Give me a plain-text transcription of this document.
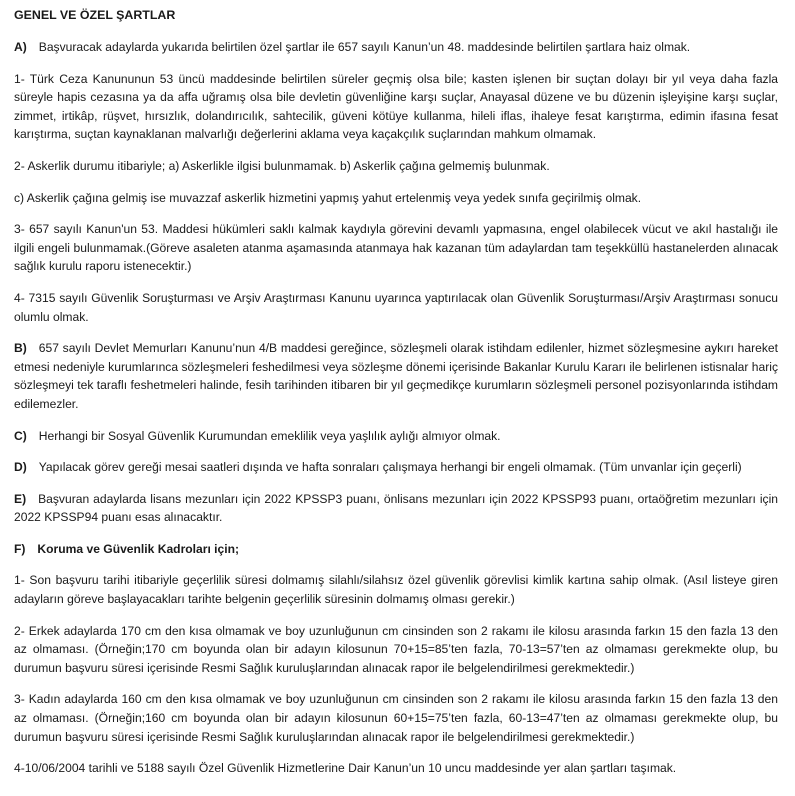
GENEL VE ÖZEL ŞARTLAR

A) Başvuracak adaylarda yukarıda belirtilen özel şartlar ile 657 sayılı Kanun’un 48. maddesinde belirtilen şartlara haiz olmak.

1- Türk Ceza Kanununun 53 üncü maddesinde belirtilen süreler geçmiş olsa bile; kasten işlenen bir suçtan dolayı bir yıl veya daha fazla süreyle hapis cezasına ya da affa uğramış olsa bile devletin güvenliğine karşı suçlar, Anayasal düzene ve bu düzenin işleyişine karşı suçlar, zimmet, irtikâp, rüşvet, hırsızlık, dolandırıcılık, sahtecilik, güveni kötüye kullanma, hileli iflas, ihaleye fesat karıştırma, edimin ifasına fesat karıştırma, suçtan kaynaklanan malvarlığı değerlerini aklama veya kaçakçılık suçlarından mahkum olmamak.

2- Askerlik durumu itibariyle; a) Askerlikle ilgisi bulunmamak. b) Askerlik çağına gelmemiş bulunmak.

c) Askerlik çağına gelmiş ise muvazzaf askerlik hizmetini yapmış yahut ertelenmiş veya yedek sınıfa geçirilmiş olmak.

3- 657 sayılı Kanun'un 53. Maddesi hükümleri saklı kalmak kaydıyla görevini devamlı yapmasına, engel olabilecek vücut ve akıl hastalığı ile ilgili engeli bulunmamak.(Göreve asaleten atanma aşamasında atanmaya hak kazanan tüm adaylardan tam teşekküllü hastanelerden alınacak sağlık kurulu raporu istenecektir.)

4- 7315 sayılı Güvenlik Soruşturması ve Arşiv Araştırması Kanunu uyarınca yaptırılacak olan Güvenlik Soruşturması/Arşiv Araştırması sonucu olumlu olmak.

B) 657 sayılı Devlet Memurları Kanunu’nun 4/B maddesi gereğince, sözleşmeli olarak istihdam edilenler, hizmet sözleşmesine aykırı hareket etmesi nedeniyle kurumlarınca sözleşmeleri feshedilmesi veya sözleşme dönemi içerisinde Bakanlar Kurulu Kararı ile belirlenen istisnalar hariç sözleşmeyi tek taraflı feshetmeleri halinde, fesih tarihinden itibaren bir yıl geçmedikçe kurumların sözleşmeli personel pozisyonlarında istihdam edilemezler.

C) Herhangi bir Sosyal Güvenlik Kurumundan emeklilik veya yaşlılık aylığı almıyor olmak.

D) Yapılacak görev gereği mesai saatleri dışında ve hafta sonraları çalışmaya herhangi bir engeli olmamak. (Tüm unvanlar için geçerli)

E) Başvuran adaylarda lisans mezunları için 2022 KPSSP3 puanı, önlisans mezunları için 2022 KPSSP93 puanı, ortaöğretim mezunları için 2022 KPSSP94 puanı esas alınacaktır.

F) Koruma ve Güvenlik Kadroları için;

1- Son başvuru tarihi itibariyle geçerlilik süresi dolmamış silahlı/silahsız özel güvenlik görevlisi kimlik kartına sahip olmak. (Asıl listeye giren adayların göreve başlayacakları tarihte belgenin geçerlilik süresinin dolmamış olması gerekir.)

2- Erkek adaylarda 170 cm den kısa olmamak ve boy uzunluğunun cm cinsinden son 2 rakamı ile kilosu arasında farkın 15 den fazla 13 den az olmaması. (Örneğin;170 cm boyunda olan bir adayın kilosunun 70+15=85’ten fazla, 70-13=57’ten az olmaması gerekmekte olup, bu durumun başvuru süresi içerisinde Resmi Sağlık kuruluşlarından alınacak rapor ile belgelendirilmesi gerekmektedir.)

3- Kadın adaylarda 160 cm den kısa olmamak ve boy uzunluğunun cm cinsinden son 2 rakamı ile kilosu arasında farkın 15 den fazla 13 den az olmaması. (Örneğin;160 cm boyunda olan bir adayın kilosunun 60+15=75’ten fazla, 60-13=47’ten az olmaması gerekmekte olup, bu durumun başvuru süresi içerisinde Resmi Sağlık kuruluşlarından alınacak rapor ile belgelendirilmesi gerekmektedir.)

4-10/06/2004 tarihli ve 5188 sayılı Özel Güvenlik Hizmetlerine Dair Kanun’un 10 uncu maddesinde yer alan şartları taşımak.
